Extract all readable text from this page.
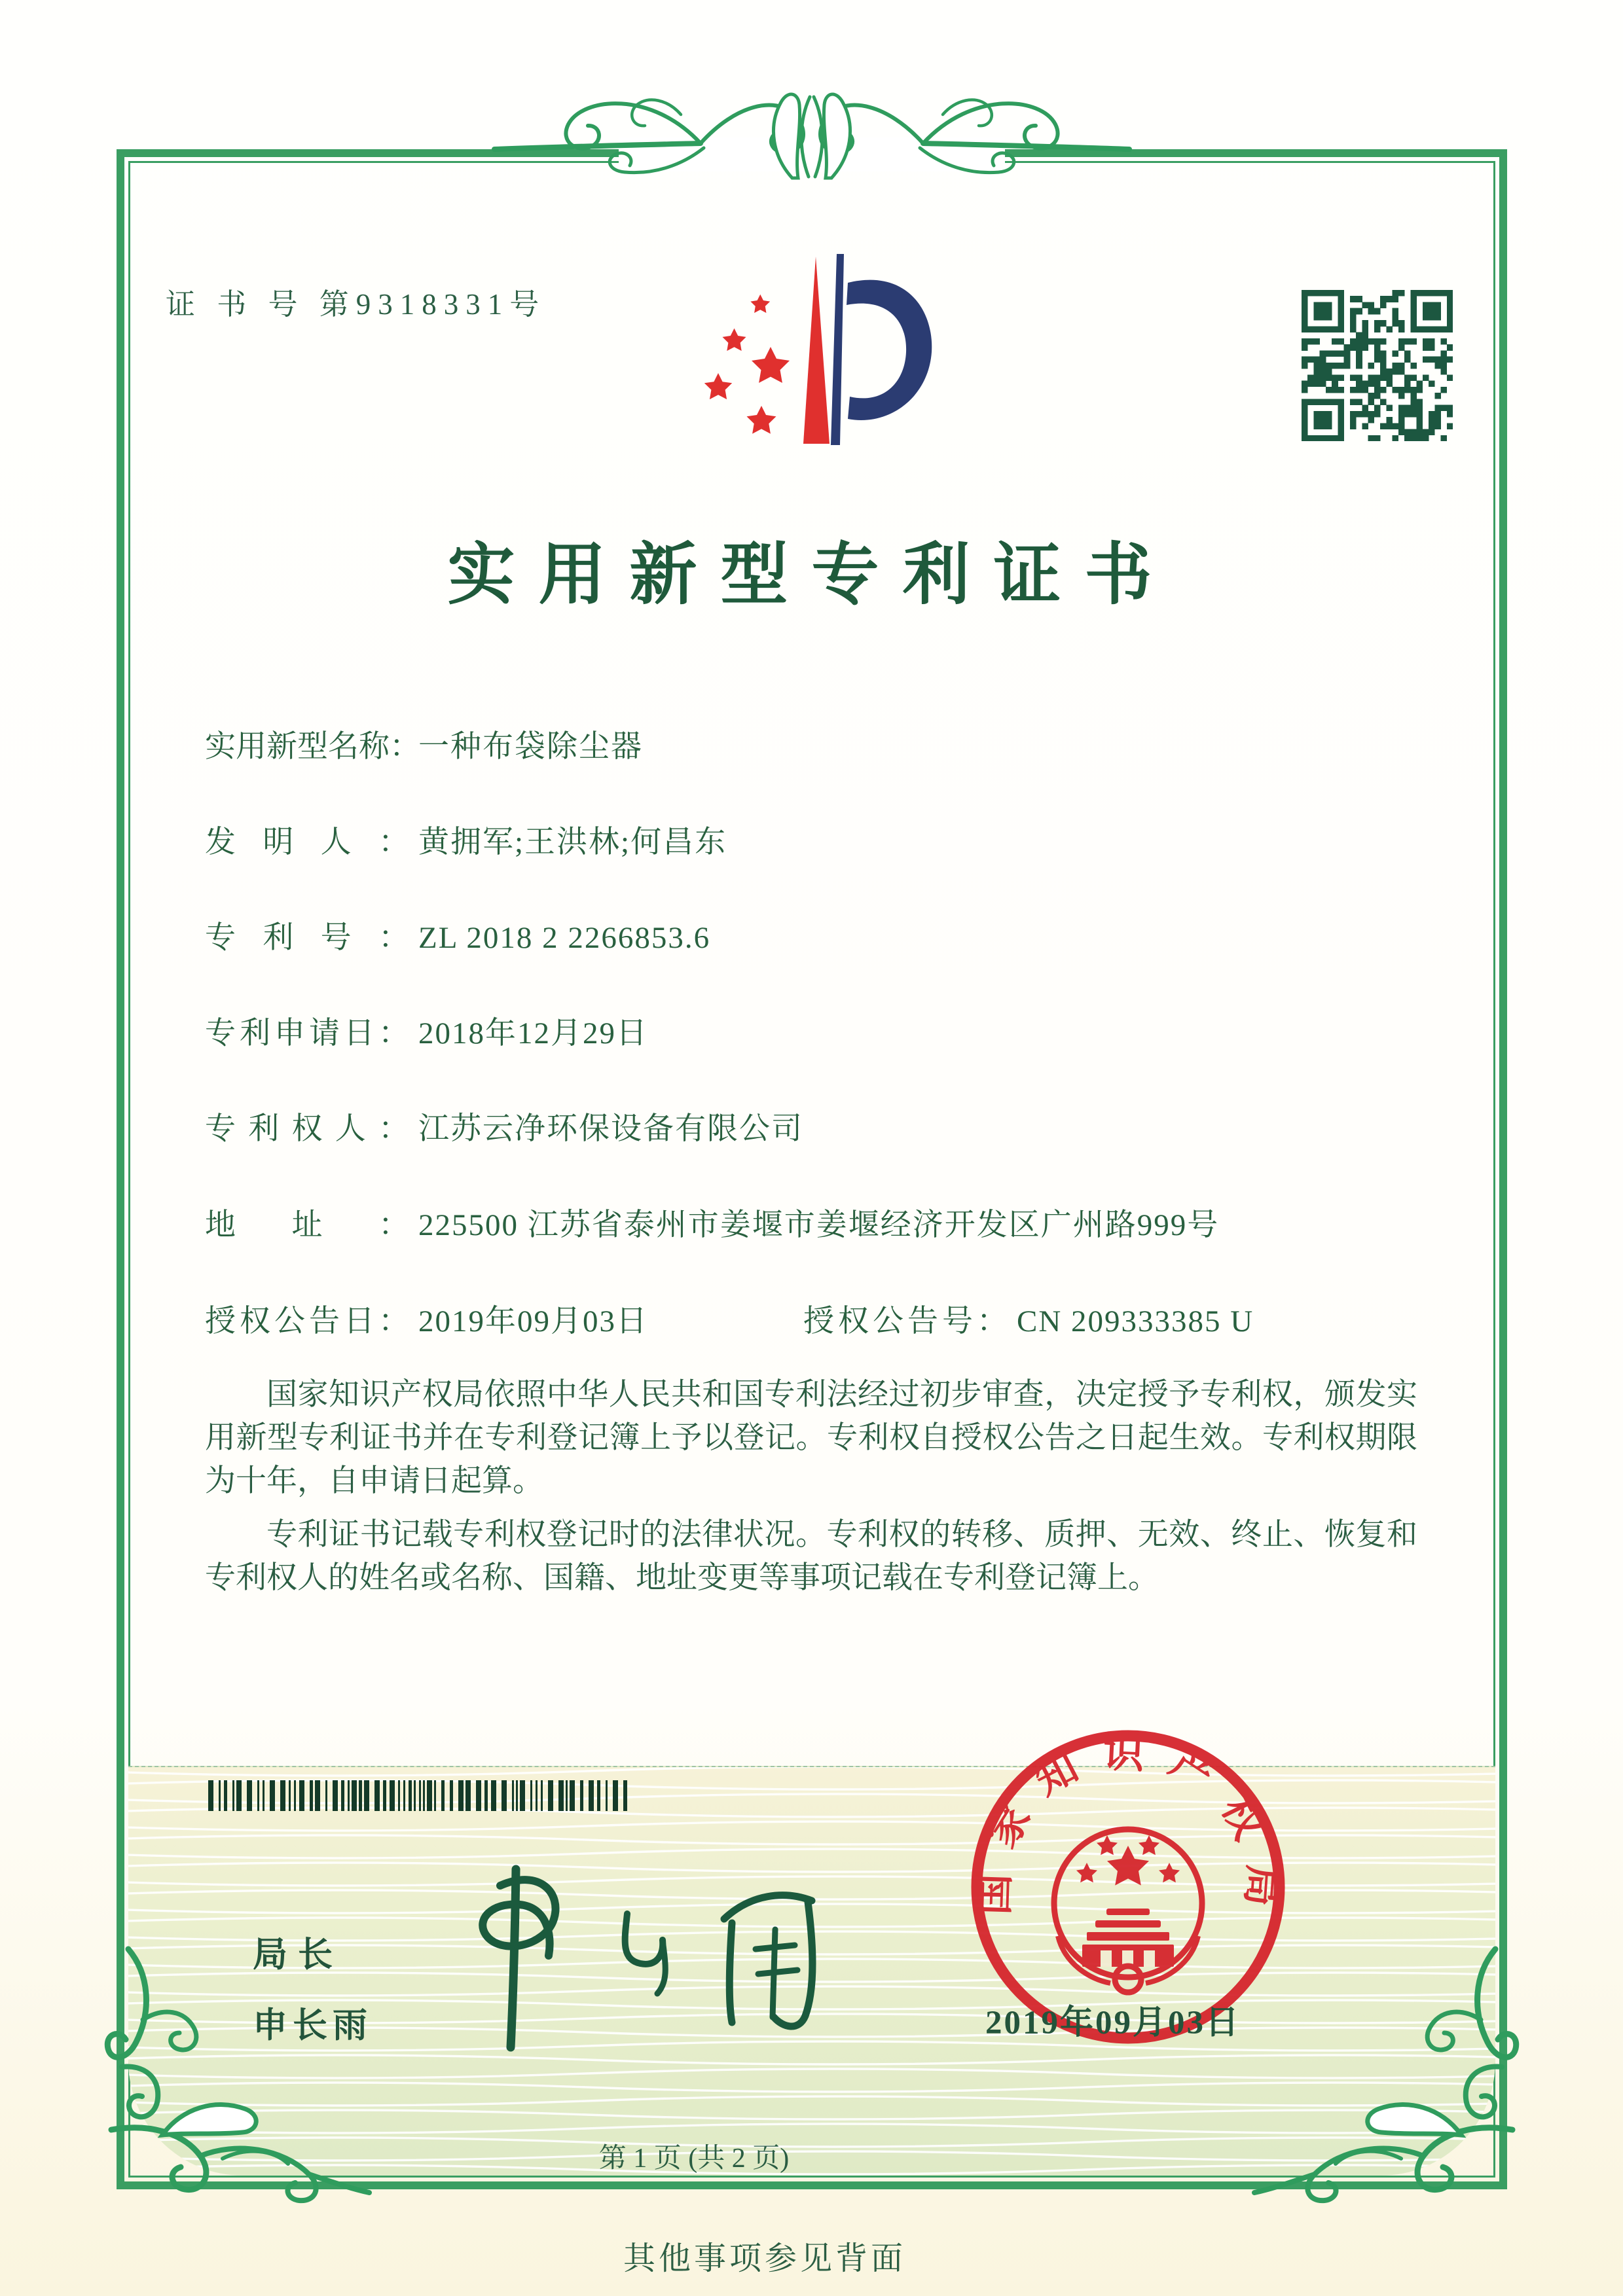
证 书 号 第9318331号
实用新型专利证书
实用新型名称：一种布袋除尘器
发明人： 黄拥军;王洪林;何昌东
专利号： ZL 2018 2 2266853.6
专利申请日： 2018年12月29日
专利权人： 江苏云净环保设备有限公司
地址： 225500 江苏省泰州市姜堰市姜堰经济开发区广州路999号
授权公告日： 2019年09月03日	授权公告号： CN 209333385 U

国家知识产权局依照中华人民共和国专利法经过初步审查，决定授予专利权，颁发实用新型专利证书并在专利登记簿上予以登记。专利权自授权公告之日起生效。专利权期限为十年，自申请日起算。

专利证书记载专利权登记时的法律状况。专利权的转移、质押、无效、终止、恢复和专利权人的姓名或名称、国籍、地址变更等事项记载在专利登记簿上。

局长
申长雨
国家知识产权局
2019年09月03日
第 1 页 (共 2 页)
其他事项参见背面
